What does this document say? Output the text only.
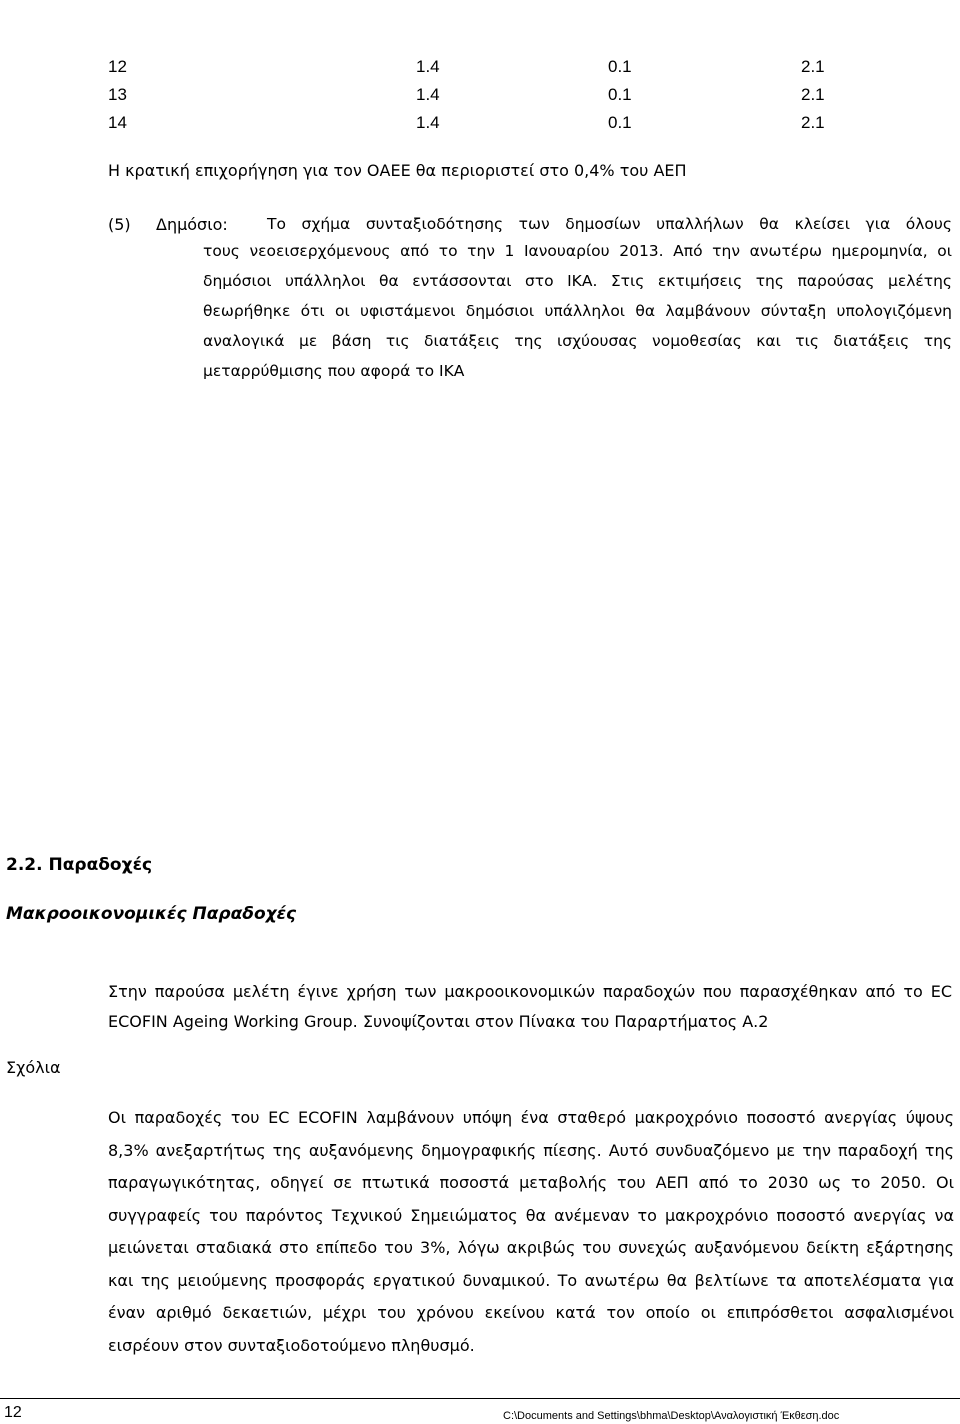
12	1.4	0.1	2.1
13	1.4	0.1	2.1
14	1.4	0.1	2.1
Η κρατική επιχορήγηση για τον ΟΑΕΕ θα περιοριστεί στο 0,4% του ΑΕΠ
(5) Δημόσιο:	Το σχήμα συνταξιοδότησης των δημοσίων υπαλλήλων θα κλείσει για όλους
τους νεοεισερχόμενους από το την 1 Ιανουαρίου 2013. Από την ανωτέρω ημερομηνία, οι δημόσιοι υπάλληλοι θα εντάσσονται στο ΙΚΑ. Στις εκτιμήσεις της παρούσας μελέτης θεωρήθηκε ότι οι υφιστάμενοι δημόσιοι υπάλληλοι θα λαμβάνουν σύνταξη υπολογιζόμενη αναλογικά με βάση τις διατάξεις της ισχύουσας νομοθεσίας και τις διατάξεις της μεταρρύθμισης που αφορά το ΙΚΑ
2.2. Παραδοχές
Μακροοικονομικές Παραδοχές
Στην παρούσα μελέτη έγινε χρήση των μακροοικονομικών παραδοχών που παρασχέθηκαν από το EC ECOFIN Ageing Working Group. Συνοψίζονται στον Πίνακα του Παραρτήματος Α.2
Σχόλια
Οι παραδοχές του EC ECOFIN λαμβάνουν υπόψη ένα σταθερό μακροχρόνιο ποσοστό ανεργίας ύψους 8,3% ανεξαρτήτως της αυξανόμενης δημογραφικής πίεσης. Αυτό συνδυαζόμενο με την παραδοχή της παραγωγικότητας, οδηγεί σε πτωτικά ποσοστά μεταβολής του ΑΕΠ από το 2030 ως το 2050. Οι συγγραφείς του παρόντος Τεχνικού Σημειώματος θα ανέμεναν το μακροχρόνιο ποσοστό ανεργίας να μειώνεται σταδιακά στο επίπεδο του 3%, λόγω ακριβώς του συνεχώς αυξανόμενου δείκτη εξάρτησης και της μειούμενης προσφοράς εργατικού δυναμικού. Το ανωτέρω θα βελτίωνε τα αποτελέσματα για έναν αριθμό δεκαετιών, μέχρι του χρόνου εκείνου κατά τον οποίο οι επιπρόσθετοι ασφαλισμένοι εισρέουν στον συνταξιοδοτούμενο πληθυσμό.
12	C:\Documents and Settings\bhma\Desktop\Αναλογιστική Έκθεση.doc
